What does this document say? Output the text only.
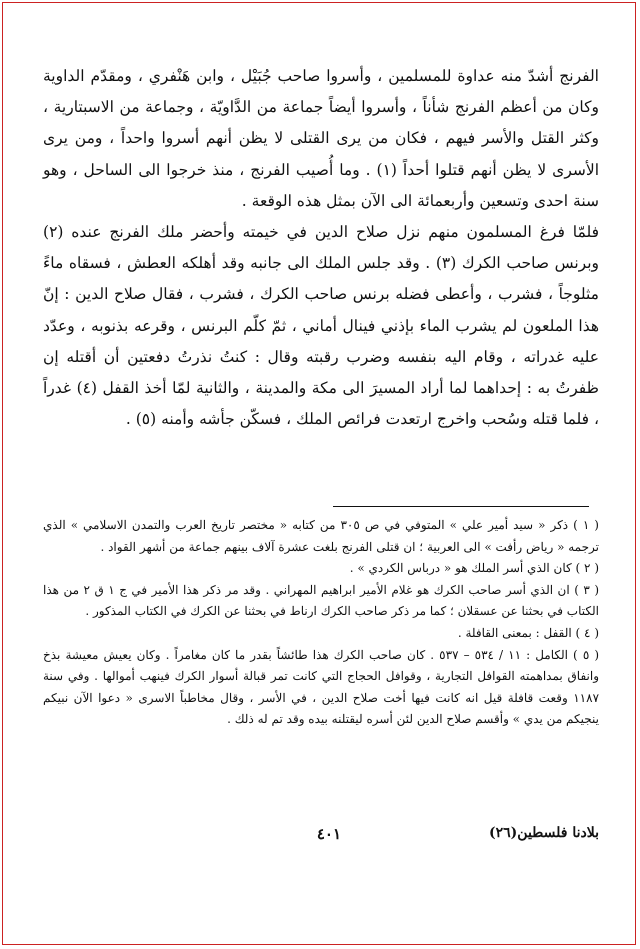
الفرنج أشدّ منه عداوة للمسلمين ، وأسروا صاحب جُبَيْل ، وابن هَنْفري ، ومقدّم الداوية وكان من أعظم الفرنج شأناً ، وأسروا أيضاً جماعة من الدَّاويّة ، وجماعة من الاسبتارية ، وكثر القتل والأسر فيهم ، فكان من يرى القتلى لا يظن أنهم أسروا واحداً ، ومن يرى الأسرى لا يظن أنهم قتلوا أحداً (١) . وما أُصيب الفرنج ، منذ خرجوا الى الساحل ، وهو سنة احدى وتسعين وأربعمائة الى الآن بمثل هذه الوقعة .

فلمّا فرغ المسلمون منهم نزل صلاح الدين في خيمته وأحضر ملك الفرنج عنده (٢) وبرنس صاحب الكرك (٣) . وقد جلس الملك الى جانبه وقد أهلكه العطش ، فسقاه ماءً مثلوجاً ، فشرب ، وأعطى فضله برنس صاحب الكرك ، فشرب ، فقال صلاح الدين : إنّ هذا الملعون لم يشرب الماء بإذني فينال أماني ، ثمّ كلّم البرنس ، وقرعه بذنوبه ، وعدّد عليه غدراته ، وقام اليه بنفسه وضرب رقبته وقال : كنتُ نذرتُ دفعتين أن أقتله إن ظفرتُ به : إحداهما لما أراد المسيرَ الى مكة والمدينة ، والثانية لمّا أخذ القفل (٤) غدراً ، فلما قتله وسُحب واخرج ارتعدت فرائص الملك ، فسكّن جأشه وأمنه (٥) .

( ١ ) ذكر « سيد أمير علي » المتوفي في ص ٣٠٥ من كتابه « مختصر تاريخ العرب والتمدن الاسلامي » الذي ترجمه « رياض رأفت » الى العربية ؛ ان قتلى الفرنج بلغت عشرة آلاف بينهم جماعة من أشهر القواد .

( ٢ ) كان الذي أسر الملك هو « درباس الكردي » .

( ٣ ) ان الذي أسر صاحب الكرك هو غلام الأمير ابراهيم المهراني . وقد مر ذكر هذا الأمير في ج ١ ق ٢ من هذا الكتاب في بحثنا عن عسقلان ؛ كما مر ذكر صاحب الكرك ارناط في بحثنا عن الكرك في الكتاب المذكور .

( ٤ ) القفل : بمعنى القافلة .

( ٥ ) الكامل : ١١ / ٥٣٤ – ٥٣٧ . كان صاحب الكرك هذا طائشاً بقدر ما كان مغامراً . وكان يعيش معيشة بذخ وانفاق بمداهمته القوافل التجارية ، وقوافل الحجاج التي كانت تمر قبالة أسوار الكرك فينهب أموالها . وفي سنة ١١٨٧ وقعت قافلة قيل انه كانت فيها أخت صلاح الدين ، في الأسر ، وقال مخاطباً الاسرى « دعوا الآن نبيكم ينجيكم من يدي » وأقسم صلاح الدين لئن أسره ليقتلنه بيده وقد تم له ذلك .

بلادنا فلسطين(٢٦)
٤٠١
